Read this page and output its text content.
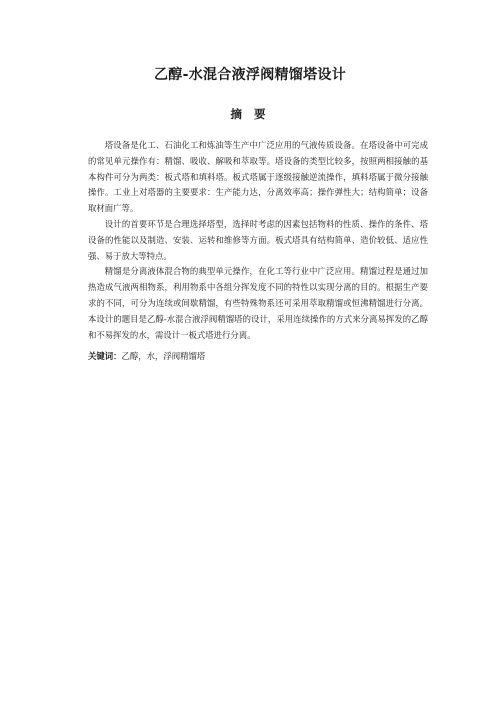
乙醇-水混合液浮阀精馏塔设计
摘 要

塔设备是化工、石油化工和炼油等生产中广泛应用的气液传质设备。在塔设备中可完成的常见单元操作有：精馏、吸收、解吸和萃取等。塔设备的类型比较多，按照两相接触的基本构件可分为两类：板式塔和填料塔。板式塔属于逐级接触逆流操作，填料塔属于微分接触操作。工业上对塔器的主要要求：生产能力达，分离效率高；操作弹性大；结构简单；设备取材面广等。

设计的首要环节是合理选择塔型，选择时考虑的因素包括物料的性质、操作的条件、塔设备的性能以及制造、安装、运转和维修等方面。板式塔具有结构简单、造价较低、适应性强、易于放大等特点。

精馏是分离液体混合物的典型单元操作，在化工等行业中广泛应用。精馏过程是通过加热造成气液两相物系，利用物系中各组分挥发度不同的特性以实现分离的目的。根据生产要求的不同，可分为连续或间歇精馏，有些特殊物系还可采用萃取精馏或恒沸精馏进行分离。本设计的题目是乙醇-水混合液浮阀精馏塔的设计，采用连续操作的方式来分离易挥发的乙醇和不易挥发的水，需设计一板式塔进行分离。

关键词：乙醇，水，浮阀精馏塔
